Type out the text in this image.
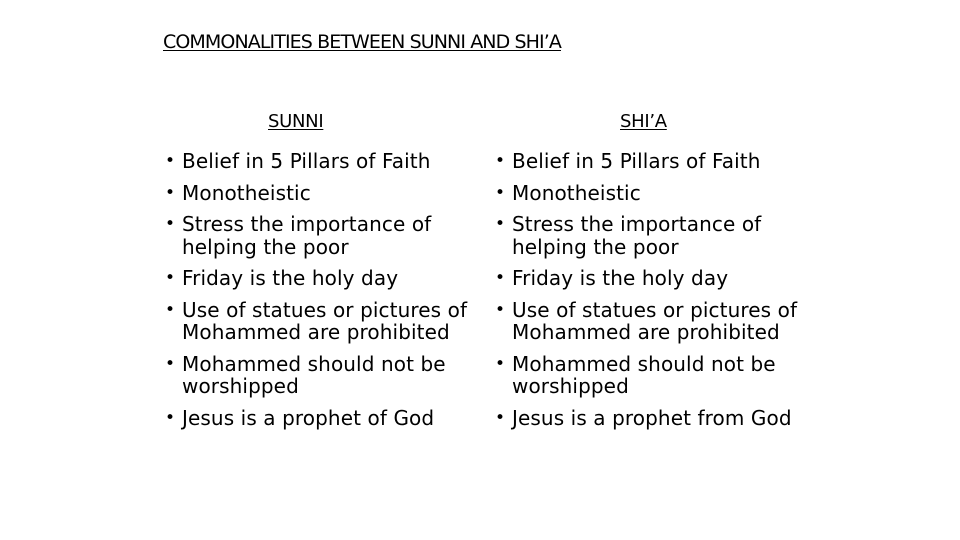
COMMONALITIES BETWEEN SUNNI AND SHI’A
SUNNI	SHI’A
• Belief in 5 Pillars of Faith
• Monotheistic
• Stress the importance of helping the poor
• Friday is the holy day
• Use of statues or pictures of Mohammed are prohibited
• Mohammed should not be worshipped
• Jesus is a prophet of God
• Belief in 5 Pillars of Faith
• Monotheistic
• Stress the importance of helping the poor
• Friday is the holy day
• Use of statues or pictures of Mohammed are prohibited
• Mohammed should not be worshipped
• Jesus is a prophet from God
